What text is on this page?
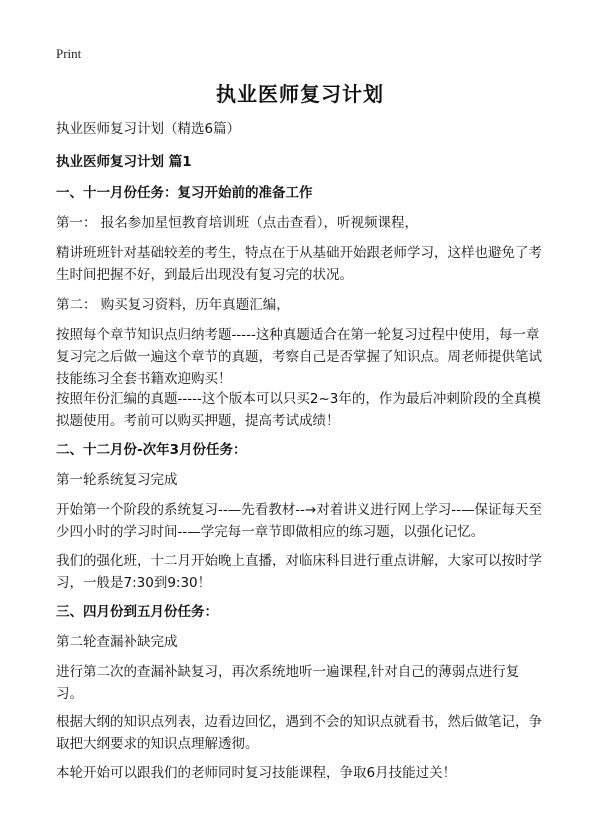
Print
执业医师复习计划
执业医师复习计划（精选6篇）
执业医师复习计划 篇1
一、十一月份任务：复习开始前的准备工作
第一： 报名参加星恒教育培训班（点击查看），听视频课程，
精讲班班针对基础较差的考生，特点在于从基础开始跟老师学习，这样也避免了考生时间把握不好，到最后出现没有复习完的状况。
第二： 购买复习资料，历年真题汇编，
按照每个章节知识点归纳考题-----这种真题适合在第一轮复习过程中使用，每一章复习完之后做一遍这个章节的真题，考察自己是否掌握了知识点。周老师提供笔试技能练习全套书籍欢迎购买！
按照年份汇编的真题-----这个版本可以只买2~3年的，作为最后冲刺阶段的全真模拟题使用。考前可以购买押题，提高考试成绩！
二、十二月份-次年3月份任务：
第一轮系统复习完成
开始第一个阶段的系统复习--—先看教材--→对着讲义进行网上学习--—保证每天至少四小时的学习时间--—学完每一章节即做相应的练习题，以强化记忆。
我们的强化班，十二月开始晚上直播，对临床科目进行重点讲解，大家可以按时学习，一般是7:30到9:30！
三、四月份到五月份任务：
第二轮查漏补缺完成
进行第二次的查漏补缺复习，再次系统地听一遍课程,针对自己的薄弱点进行复习。
根据大纲的知识点列表，边看边回忆，遇到不会的知识点就看书，然后做笔记，争取把大纲要求的知识点理解透彻。
本轮开始可以跟我们的老师同时复习技能课程，争取6月技能过关！
